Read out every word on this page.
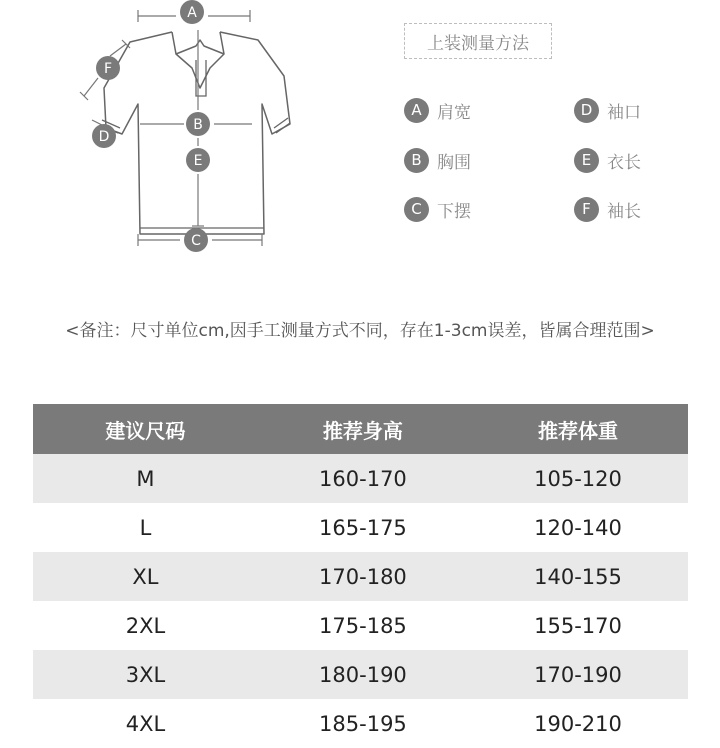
A
F
D
B
E
C
上装测量方法
A 肩宽	D 袖口
B 胸围	E 衣长
C 下摆	F 袖长
<备注：尺寸单位cm,因手工测量方式不同，存在1-3cm误差，皆属合理范围>
建议尺码	推荐身高	推荐体重
M	160-170	105-120
L	165-175	120-140
XL	170-180	140-155
2XL	175-185	155-170
3XL	180-190	170-190
4XL	185-195	190-210
